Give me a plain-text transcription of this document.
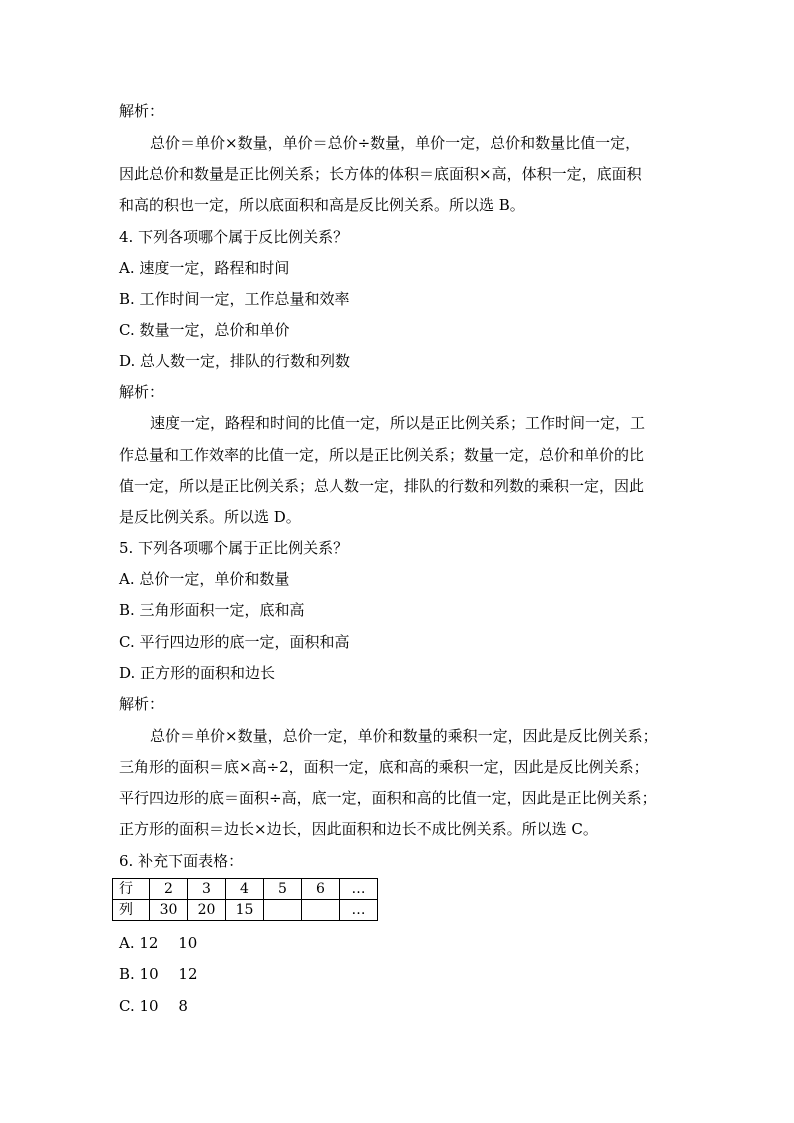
解析：
总价＝单价×数量，单价＝总价÷数量，单价一定，总价和数量比值一定，
因此总价和数量是正比例关系；长方体的体积＝底面积×高，体积一定，底面积
和高的积也一定，所以底面积和高是反比例关系。所以选 B。
4. 下列各项哪个属于反比例关系？
A. 速度一定，路程和时间
B. 工作时间一定，工作总量和效率
C. 数量一定，总价和单价
D. 总人数一定，排队的行数和列数
解析：
速度一定，路程和时间的比值一定，所以是正比例关系；工作时间一定，工
作总量和工作效率的比值一定，所以是正比例关系；数量一定，总价和单价的比
值一定，所以是正比例关系；总人数一定，排队的行数和列数的乘积一定，因此
是反比例关系。所以选 D。
5. 下列各项哪个属于正比例关系？
A. 总价一定，单价和数量
B. 三角形面积一定，底和高
C. 平行四边形的底一定，面积和高
D. 正方形的面积和边长
解析：
总价＝单价×数量，总价一定，单价和数量的乘积一定，因此是反比例关系；
三角形的面积＝底×高÷2，面积一定，底和高的乘积一定，因此是反比例关系；
平行四边形的底＝面积÷高，底一定，面积和高的比值一定，因此是正比例关系；
正方形的面积＝边长×边长，因此面积和边长不成比例关系。所以选 C。
6. 补充下面表格：
行	2	3	4	5	6	…
列	30	20	15			…
A. 12　 10
B. 10　 12
C. 10　 8
